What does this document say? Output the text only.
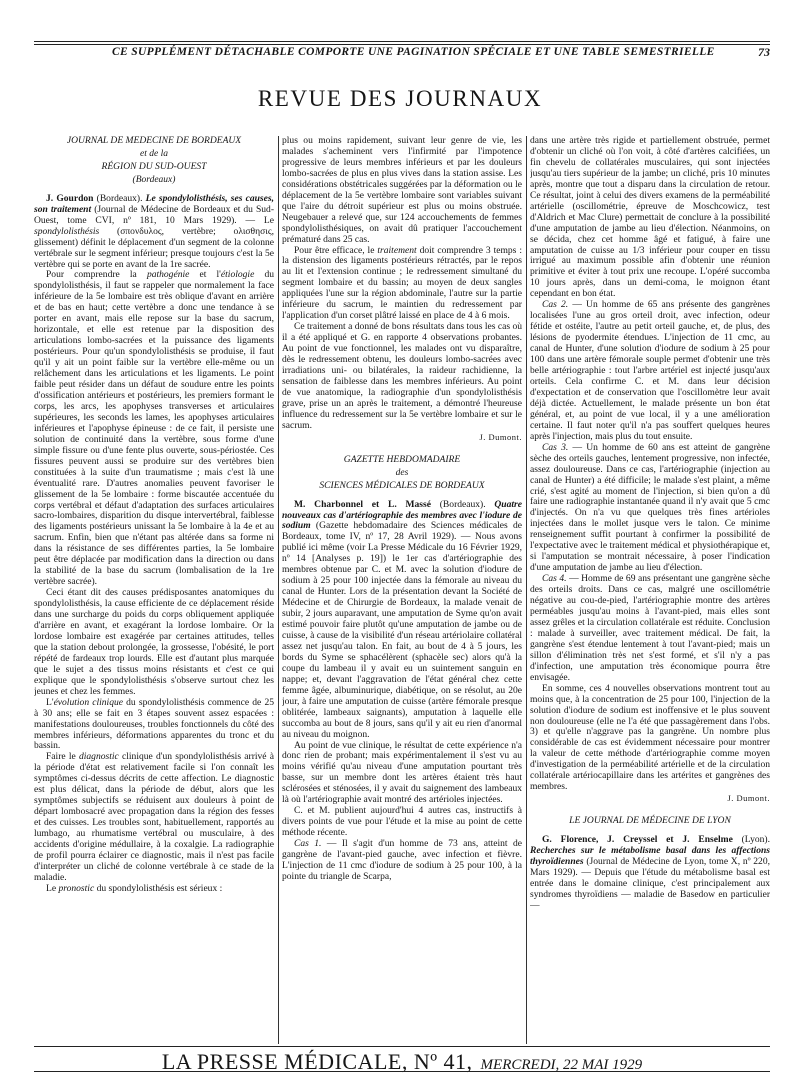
CE SUPPLÉMENT DÉTACHABLE COMPORTE UNE PAGINATION SPÉCIALE ET UNE TABLE SEMESTRIELLE	73
REVUE DES JOURNAUX
JOURNAL DE MÉDECINE DE BORDEAUX
et de la
RÉGION DU SUD-OUEST
(Bordeaux)

J. Gourdon (Bordeaux). Le spondylolisthésis, ses causes, son traitement (Journal de Médecine de Bordeaux et du Sud-Ouest, tome CVI, nº 181, 10 Mars 1929). — Le spondylolisthésis (σπονδυλος, vertèbre; ολισθησις, glissement) définit le déplacement d'un segment de la colonne vertébrale sur le segment inférieur; presque toujours c'est la 5e vertèbre qui se porte en avant de la 1re sacrée.

Pour comprendre la pathogénie et l'étiologie du spondylolisthésis, il faut se rappeler que normalement la face inférieure de la 5e lombaire est très oblique d'avant en arrière et de bas en haut; cette vertèbre a donc une tendance à se porter en avant, mais elle repose sur la base du sacrum, horizontale, et elle est retenue par la disposition des articulations lombo-sacrées et la puissance des ligaments postérieurs. Pour qu'un spondylolisthésis se produise, il faut qu'il y ait un point faible sur la vertèbre elle-même ou un relâchement dans les articulations et les ligaments. Le point faible peut résider dans un défaut de soudure entre les points d'ossification antérieurs et postérieurs, les premiers formant le corps, les arcs, les apophyses transverses et articulaires supérieures, les seconds les lames, les apophyses articulaires inférieures et l'apophyse épineuse : de ce fait, il persiste une solution de continuité dans la vertèbre, sous forme d'une simple fissure ou d'une fente plus ouverte, sous-périostée. Ces fissures peuvent aussi se produire sur des vertèbres bien constituées à la suite d'un traumatisme ; mais c'est là une éventualité rare. D'autres anomalies peuvent favoriser le glissement de la 5e lombaire : forme biscautée accentuée du corps vertébral et défaut d'adaptation des surfaces articulaires sacro-lombaires, disparition du disque intervertébral, faiblesse des ligaments postérieurs unissant la 5e lombaire à la 4e et au sacrum. Enfin, bien que n'étant pas altérée dans sa forme ni dans la résistance de ses différentes parties, la 5e lombaire peut être déplacée par modification dans la direction ou dans la stabilité de la base du sacrum (lombalisation de la 1re vertèbre sacrée).

Ceci étant dit des causes prédisposantes anatomiques du spondylolisthésis, la cause efficiente de ce déplacement réside dans une surcharge du poids du corps obliquement appliquée d'arrière en avant, et exagérant la lordose lombaire. Or la lordose lombaire est exagérée par certaines attitudes, telles que la station debout prolongée, la grossesse, l'obésité, le port répété de fardeaux trop lourds. Elle est d'autant plus marquée que le sujet a des tissus moins résistants et c'est ce qui explique que le spondylolisthésis s'observe surtout chez les jeunes et chez les femmes.

L'évolution clinique du spondylolisthésis commence de 25 à 30 ans; elle se fait en 3 étapes souvent assez espacées : manifestations douloureuses, troubles fonctionnels du côté des membres inférieurs, déformations apparentes du tronc et du bassin.

Faire le diagnostic clinique d'un spondylolisthésis arrivé à la période d'état est relativement facile si l'on connaît les symptômes ci-dessus décrits de cette affection. Le diagnostic est plus délicat, dans la période de début, alors que les symptômes subjectifs se réduisent aux douleurs à point de départ lombosacré avec propagation dans la région des fesses et des cuisses. Les troubles sont, habituellement, rapportés au lumbago, au rhumatisme vertébral ou musculaire, à des accidents d'origine médullaire, à la coxalgie. La radiographie de profil pourra éclairer ce diagnostic, mais il n'est pas facile d'interpréter un cliché de colonne vertébrale à ce stade de la maladie.

Le pronostic du spondylolisthésis est sérieux :

plus ou moins rapidement, suivant leur genre de vie, les malades s'acheminent vers l'infirmité par l'impotence progressive de leurs membres inférieurs et par les douleurs lombo-sacrées de plus en plus vives dans la station assise. Les considérations obstétricales suggérées par la déformation ou le déplacement de la 5e vertèbre lombaire sont variables suivant que l'aire du détroit supérieur est plus ou moins obstruée. Neugebauer a relevé que, sur 124 accouchements de femmes spondylolisthésiques, on avait dû pratiquer l'accouchement prématuré dans 25 cas.

Pour être efficace, le traitement doit comprendre 3 temps : la distension des ligaments postérieurs rétractés, par le repos au lit et l'extension continue ; le redressement simultané du segment lombaire et du bassin; au moyen de deux sangles appliquées l'une sur la région abdominale, l'autre sur la partie inférieure du sacrum, le maintien du redressement par l'application d'un corset plâtré laissé en place de 4 à 6 mois.

Ce traitement a donné de bons résultats dans tous les cas où il a été appliqué et G. en rapporte 4 observations probantes. Au point de vue fonctionnel, les malades ont vu disparaître, dès le redressement obtenu, les douleurs lombo-sacrées avec irradiations uni- ou bilatérales, la raideur rachidienne, la sensation de faiblesse dans les membres inférieurs. Au point de vue anatomique, la radiographie d'un spondylolisthésis grave, prise un an après le traitement, a démontré l'heureuse influence du redressement sur la 5e vertèbre lombaire et sur le sacrum.

J. Dumont.
GAZETTE HEBDOMADAIRE
des
SCIENCES MÉDICALES DE BORDEAUX

M. Charbonnel et L. Massé (Bordeaux). Quatre nouveaux cas d'artériographie des membres avec l'iodure de sodium (Gazette hebdomadaire des Sciences médicales de Bordeaux, tome IV, nº 17, 28 Avril 1929). — Nous avons publié ici même (voir La Presse Médicale du 16 Février 1929, nº 14 [Analyses p. 19]) le 1er cas d'artériographie des membres obtenue par C. et M. avec la solution d'iodure de sodium à 25 pour 100 injectée dans la fémorale au niveau du canal de Hunter. Lors de la présentation devant la Société de Médecine et de Chirurgie de Bordeaux, la malade venait de subir, 2 jours auparavant, une amputation de Syme qu'on avait estimé pouvoir faire plutôt qu'une amputation de jambe ou de cuisse, à cause de la visibilité d'un réseau artériolaire collatéral assez net jusqu'au talon. En fait, au bout de 4 à 5 jours, les bords du Syme se sphacélèrent (sphacèle sec) alors qu'à la coupe du lambeau il y avait eu un suintement sanguin en nappe; et, devant l'aggravation de l'état général chez cette femme âgée, albuminurique, diabétique, on se résolut, au 20e jour, à faire une amputation de cuisse (artère fémorale presque oblitérée, lambeaux saignants), amputation à laquelle elle succomba au bout de 8 jours, sans qu'il y ait eu rien d'anormal au niveau du moignon.

Au point de vue clinique, le résultat de cette expérience n'a donc rien de probant; mais expérimentalement il s'est vu au moins vérifié qu'au niveau d'une amputation pourtant très basse, sur un membre dont les artères étaient très haut sclérosées et sténosées, il y avait du saignement des lambeaux là où l'artériographie avait montré des artérioles injectées.

C. et M. publient aujourd'hui 4 autres cas, instructifs à divers points de vue pour l'étude et la mise au point de cette méthode récente.

Cas 1. — Il s'agit d'un homme de 73 ans, atteint de gangrène de l'avant-pied gauche, avec infection et fièvre. L'injection de 11 cmc d'iodure de sodium à 25 pour 100, à la pointe du triangle de Scarpa,

dans une artère très rigide et partiellement obstruée, permet d'obtenir un cliché où l'on voit, à côté d'artères calcifiées, un fin chevelu de collatérales musculaires, qui sont injectées jusqu'au tiers supérieur de la jambe; un cliché, pris 10 minutes après, montre que tout a disparu dans la circulation de retour. Ce résultat, joint à celui des divers examens de la perméabilité artérielle (oscillométrie, épreuve de Moschcowicz, test d'Aldrich et Mac Clure) permettait de conclure à la possibilité d'une amputation de jambe au lieu d'élection. Néanmoins, on se décida, chez cet homme âgé et fatigué, à faire une amputation de cuisse au 1/3 inférieur pour couper en tissu irrigué au maximum possible afin d'obtenir une réunion primitive et éviter à tout prix une recoupe. L'opéré succomba 10 jours après, dans un demi-coma, le moignon étant cependant en bon état.

Cas 2. — Un homme de 65 ans présente des gangrènes localisées l'une au gros orteil droit, avec infection, odeur fétide et ostéite, l'autre au petit orteil gauche, et, de plus, des lésions de pyodermite étendues. L'injection de 11 cmc, au canal de Hunter, d'une solution d'iodure de sodium à 25 pour 100 dans une artère fémorale souple permet d'obtenir une très belle artériographie : tout l'arbre artériel est injecté jusqu'aux orteils. Cela confirme C. et M. dans leur décision d'expectation et de conservation que l'oscillomètre leur avait déjà dictée. Actuellement, le malade présente un bon état général, et, au point de vue local, il y a une amélioration certaine. Il faut noter qu'il n'a pas souffert quelques heures après l'injection, mais plus du tout ensuite.

Cas 3. — Un homme de 60 ans est atteint de gangrène sèche des orteils gauches, lentement progressive, non infectée, assez douloureuse. Dans ce cas, l'artériographie (injection au canal de Hunter) a été difficile; le malade s'est plaint, a même crié, s'est agité au moment de l'injection, si bien qu'on a dû faire une radiographie instantanée quand il n'y avait que 5 cmc d'injectés. On n'a vu que quelques très fines artérioles injectées dans le mollet jusque vers le talon. Ce minime renseignement suffit pourtant à confirmer la possibilité de l'expectative avec le traitement médical et physiothérapique et, si l'amputation se montrait nécessaire, à poser l'indication d'une amputation de jambe au lieu d'élection.

Cas 4. — Homme de 69 ans présentant une gangrène sèche des orteils droits. Dans ce cas, malgré une oscillométrie négative au cou-de-pied, l'artériographie montre des artères perméables jusqu'au moins à l'avant-pied, mais elles sont assez grêles et la circulation collatérale est réduite. Conclusion : malade à surveiller, avec traitement médical. De fait, la gangrène s'est étendue lentement à tout l'avant-pied; mais un sillon d'élimination très net s'est formé, et s'il n'y a pas d'infection, une amputation très économique pourra être envisagée.

En somme, ces 4 nouvelles observations montrent tout au moins que, à la concentration de 25 pour 100, l'injection de la solution d'iodure de sodium est inoffensive et le plus souvent non douloureuse (elle ne l'a été que passagèrement dans l'obs. 3) et qu'elle n'aggrave pas la gangrène. Un nombre plus considérable de cas est évidemment nécessaire pour montrer la valeur de cette méthode d'artériographie comme moyen d'investigation de la perméabilité artérielle et de la circulation collatérale artériocapillaire dans les artérites et gangrènes des membres.

J. Dumont.
LE JOURNAL DE MÉDECINE DE LYON

G. Florence, J. Creyssel et J. Enselme (Lyon). Recherches sur le métabolisme basal dans les affections thyroïdiennes (Journal de Médecine de Lyon, tome X, nº 220, Mars 1929). — Depuis que l'étude du métabolisme basal est entrée dans le domaine clinique, c'est principalement aux syndromes thyroïdiens — maladie de Basedow en particulier —

LA PRESSE MÉDICALE, Nº 41, MERCREDI, 22 MAI 1929
